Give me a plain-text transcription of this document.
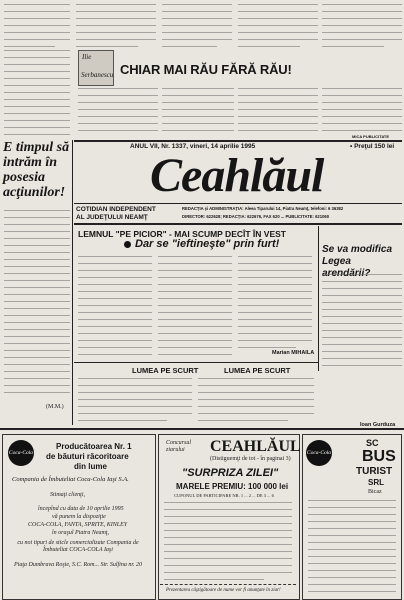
Ilie
Serbanescu CHIAR MAI RĂU FĂRĂ RĂU!
ANUL VII, Nr. 1337, vineri, 14 aprilie 1995	• Preţul 150 lei
MICA PUBLICITATE
Ceahlăul
COTIDIAN INDEPENDENT
AL JUDEŢULUI NEAMŢ
REDACŢIA şi ADMINISTRAŢIA: Aleea Tiparului 14, Piatra Neamţ, telefoni: 6 36382
DIRECTOR: 622628; REDACŢIA: 622676, FAX 620 ... PUBLICITATE: 621060
E timpul să intrăm în posesia acţiunilor!
(M.M.)
LEMNUL "PE PICIOR" - MAI SCUMP DECÎT ÎN VEST
Dar se "ieftineşte" prin furt!
Marian MIHAILA
Se va modifica Legea arendării?
Ioan Gurduza
LUMEA PE SCURT	LUMEA PE SCURT
Coca-Cola
Producătoarea Nr. 1
de băuturi răcoritoare
din lume
Compania de Îmbuteliat Coca-Cola Iaşi S.A.
Stimaţi clienţi,
începînd cu data de 10 aprilie 1995
vă punem la dispoziţie
COCA-COLA, FANTA, SPRITE, KINLEY
în oraşul Piatra Neamţ,
cu noi tipuri de sticle comercializate Compania de Îmbuteliat COCA-COLA Iaşi
Piaţa Dumbrava Roşie, S.C. Rom... Str. Sulfina nr. 20
Concursul ziarului	CEAHLĂUL
(Distiguemţi de tot - în paginai 3)
"SURPRIZA ZILEI"
MARELE PREMIU: 100 000 lei
CUPONUL DE PARTICIPARE NR. 1 ... 2 ... DE 3 ... 6
Prezentarea câştigătoare de nume vor fi anunţate în ziar!
Coca-Cola
SC
BUS
TURIST
SRL
Bicaz
